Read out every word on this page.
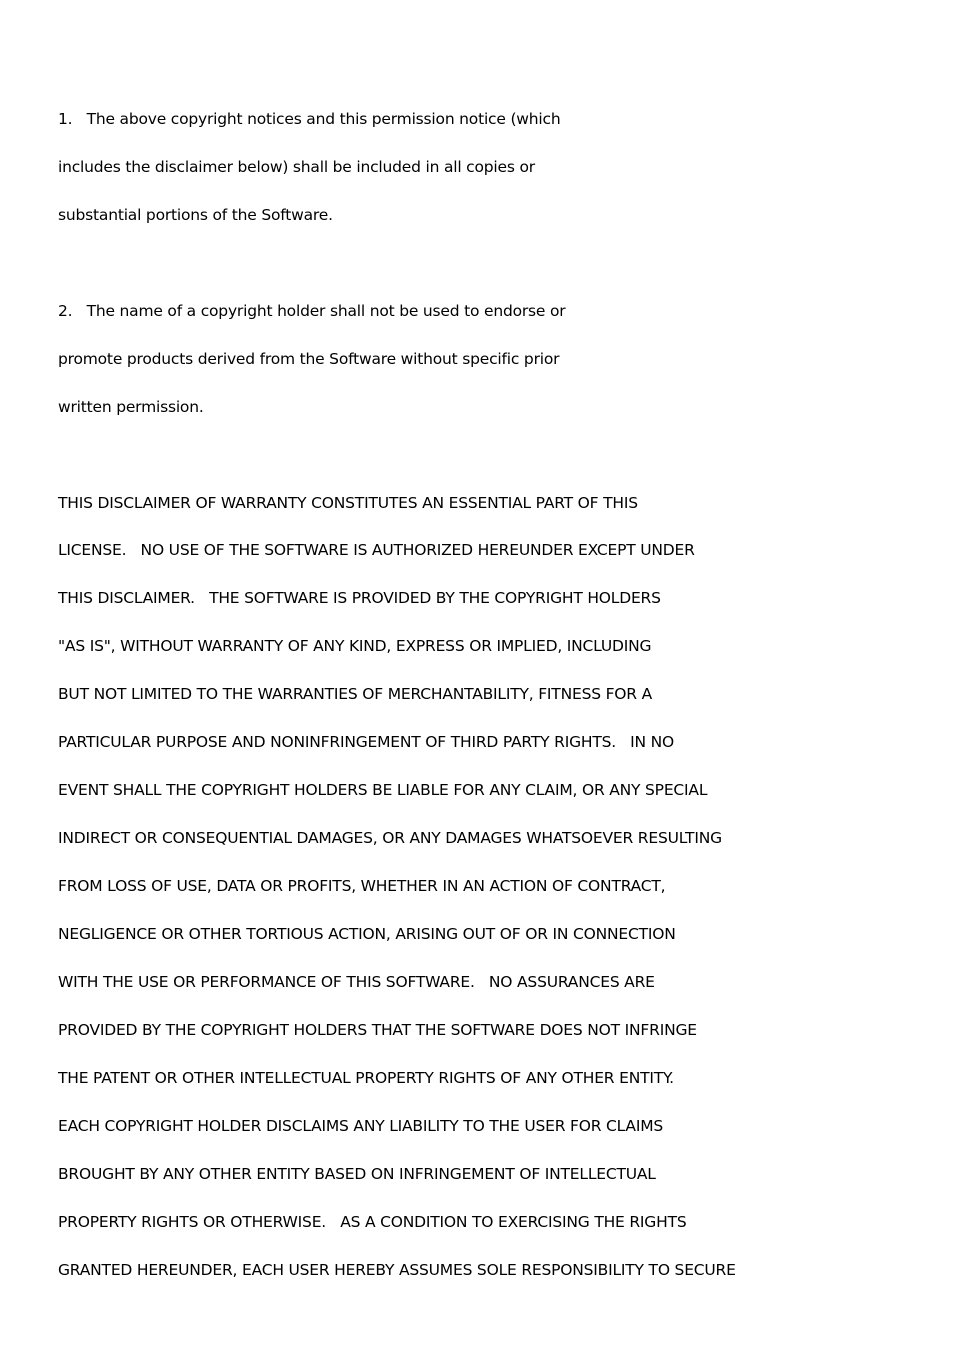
1.   The above copyright notices and this permission notice (which
includes the disclaimer below) shall be included in all copies or
substantial portions of the Software.
2.   The name of a copyright holder shall not be used to endorse or
promote products derived from the Software without specific prior
written permission.
THIS DISCLAIMER OF WARRANTY CONSTITUTES AN ESSENTIAL PART OF THIS
LICENSE.   NO USE OF THE SOFTWARE IS AUTHORIZED HEREUNDER EXCEPT UNDER
THIS DISCLAIMER.   THE SOFTWARE IS PROVIDED BY THE COPYRIGHT HOLDERS
"AS IS", WITHOUT WARRANTY OF ANY KIND, EXPRESS OR IMPLIED, INCLUDING
BUT NOT LIMITED TO THE WARRANTIES OF MERCHANTABILITY, FITNESS FOR A
PARTICULAR PURPOSE AND NONINFRINGEMENT OF THIRD PARTY RIGHTS.   IN NO
EVENT SHALL THE COPYRIGHT HOLDERS BE LIABLE FOR ANY CLAIM, OR ANY SPECIAL
INDIRECT OR CONSEQUENTIAL DAMAGES, OR ANY DAMAGES WHATSOEVER RESULTING
FROM LOSS OF USE, DATA OR PROFITS, WHETHER IN AN ACTION OF CONTRACT,
NEGLIGENCE OR OTHER TORTIOUS ACTION, ARISING OUT OF OR IN CONNECTION
WITH THE USE OR PERFORMANCE OF THIS SOFTWARE.   NO ASSURANCES ARE
PROVIDED BY THE COPYRIGHT HOLDERS THAT THE SOFTWARE DOES NOT INFRINGE
THE PATENT OR OTHER INTELLECTUAL PROPERTY RIGHTS OF ANY OTHER ENTITY.
EACH COPYRIGHT HOLDER DISCLAIMS ANY LIABILITY TO THE USER FOR CLAIMS
BROUGHT BY ANY OTHER ENTITY BASED ON INFRINGEMENT OF INTELLECTUAL
PROPERTY RIGHTS OR OTHERWISE.   AS A CONDITION TO EXERCISING THE RIGHTS
GRANTED HEREUNDER, EACH USER HEREBY ASSUMES SOLE RESPONSIBILITY TO SECURE
